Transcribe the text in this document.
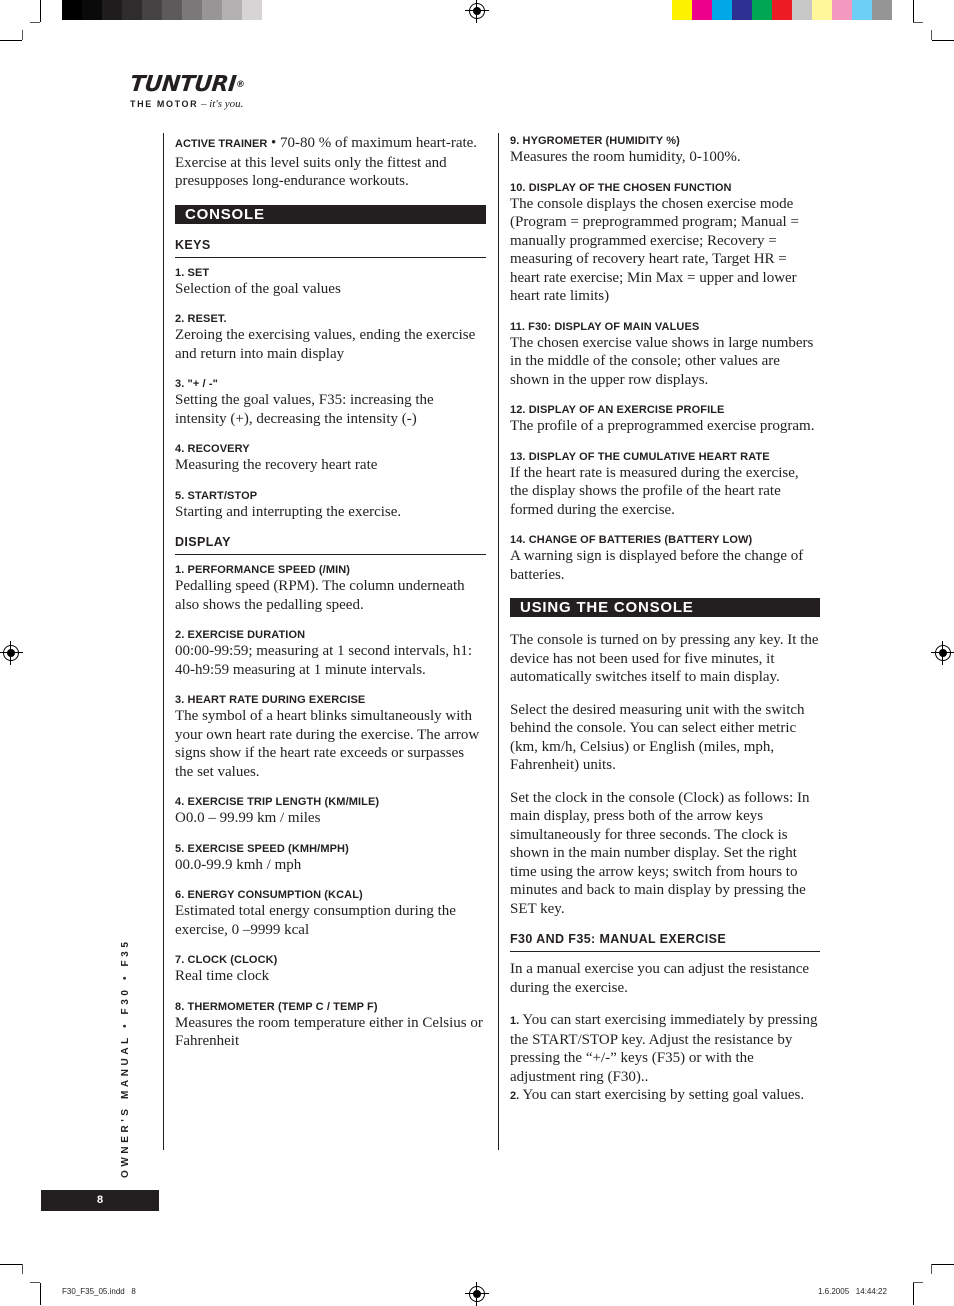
TUNTURI®
THE MOTOR – it's you.

ACTIVE TRAINER • 70-80 % of maximum heart-rate.

Exercise at this level suits only the fittest and presupposes long-endurance workouts.

CONSOLE
KEYS

1. SET

Selection of the goal values

2. RESET.

Zeroing the exercising values, ending the exercise and return into main display

3. "+ / -"

Setting the goal values, F35: increasing the intensity (+), decreasing the intensity (-)

4. RECOVERY

Measuring the recovery heart rate

5. START/STOP

Starting and interrupting the exercise.

DISPLAY

1. PERFORMANCE SPEED (/MIN)

Pedalling speed (RPM). The column underneath also shows the pedalling speed.

2. EXERCISE DURATION

00:00-99:59; measuring at 1 second intervals, h1: 40-h9:59 measuring at 1 minute intervals.

3. HEART RATE DURING EXERCISE

The symbol of a heart blinks simultaneously with your own heart rate during the exercise. The arrow signs show if the heart rate exceeds or surpasses the set values.

4. EXERCISE TRIP LENGTH (KM/MILE)

O0.0 – 99.99 km / miles

5. EXERCISE SPEED (KMH/MPH)

00.0-99.9 kmh / mph

6. ENERGY CONSUMPTION (KCAL)

Estimated total energy consumption during the exercise, 0 –9999 kcal

7. CLOCK (CLOCK)

Real time clock

8. THERMOMETER (TEMP C / TEMP F)

Measures the room temperature either in Celsius or Fahrenheit

9. HYGROMETER (HUMIDITY %)

Measures the room humidity, 0-100%.

10. DISPLAY OF THE CHOSEN FUNCTION

The console displays the chosen exercise mode (Program = preprogrammed program; Manual = manually programmed exercise; Recovery = measuring of recovery heart rate, Target HR = heart rate exercise; Min Max = upper and lower heart rate limits)

11. F30: DISPLAY OF MAIN VALUES

The chosen exercise value shows in large numbers in the middle of the console; other values are shown in the upper row displays.

12. DISPLAY OF AN EXERCISE PROFILE

The profile of a preprogrammed exercise program.

13. DISPLAY OF THE CUMULATIVE HEART RATE

If the heart rate is measured during the exercise, the display shows the profile of the heart rate formed during the exercise.

14. CHANGE OF BATTERIES (BATTERY LOW)

A warning sign is displayed before the change of batteries.

USING THE CONSOLE

The console is turned on by pressing any key. It the device has not been used for five minutes, it automatically switches itself to main display.

Select the desired measuring unit with the switch behind the console. You can select either metric (km, km/h, Celsius) or English (miles, mph, Fahrenheit) units.

Set the clock in the console (Clock) as follows: In main display, press both of the arrow keys simultaneously for three seconds. The clock is shown in the main number display. Set the right time using the arrow keys; switch from hours to minutes and back to main display by pressing the SET key.

F30 AND F35: MANUAL EXERCISE

In a manual exercise you can adjust the resistance during the exercise.

1. You can start exercising immediately by pressing the START/STOP key. Adjust the resistance by pressing the “+/-” keys (F35) or with the adjustment ring (F30)..

2. You can start exercising by setting goal values.

OWNER'S MANUAL • F30 • F35
8
F30_F35_05.indd   8	1.6.2005   14:44:22
